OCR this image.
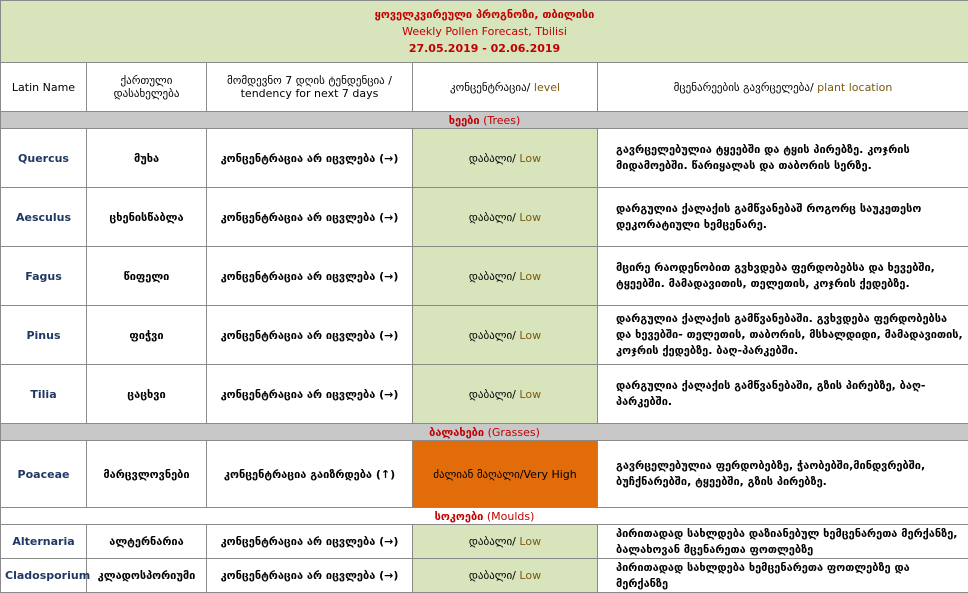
ყოველკვირეული პროგნოზი, თბილისი
Weekly Pollen Forecast, Tbilisi
27.05.2019 - 02.06.2019				

Latin Name	ქართული დასახელება	მომდევნო 7 დღის ტენდენცია /
tendency for next 7 days	კონცენტრაცია/ level	მცენარეების გავრცელება/ plant location
ხეები (Trees)				
Quercus	მუხა	კონცენტრაცია არ იცვლება (→)	დაბალი/ Low	გავრცელებულია ტყეებში და ტყის პირებზე. კოჯრის მიდამოებში. წარიყალას და თაბორის სერზე.
Aesculus	ცხენისწაბლა	კონცენტრაცია არ იცვლება (→)	დაბალი/ Low	დარგულია ქალაქის გამწვანებაშ როგორც საუკეთესო დეკორატიული ხემცენარე.
Fagus	წიფელი	კონცენტრაცია არ იცვლება (→)	დაბალი/ Low	მცირე რაოდენობით გვხვდება ფერდობებსა და ხევებში, ტყეებში. მამადავითის, თელეთის, კოჯრის ქედებზე.
Pinus	ფიჭვი	კონცენტრაცია არ იცვლება (→)	დაბალი/ Low	დარგულია ქალაქის გამწვანებაში. გვხვდება ფერდობებსა და ხევებში- თელეთის, თაბორის, მსხალდიდი, მამადავითის, კოჯრის ქედებზე. ბაღ-პარკებში.
Tilia	ცაცხვი	კონცენტრაცია არ იცვლება (→)	დაბალი/ Low	დარგულია ქალაქის გამწვანებაში, გზის პირებზე, ბაღ-პარკებში.
ბალახები (Grasses)				
Poaceae	მარცვლოვნები	კონცენტრაცია გაიზრდება (↑)	ძალიან მაღალი/Very High	გავრცელებულია ფერდობებზე, ჭაობებში,მინდვრებში, ბუჩქნარებში, ტყეებში, გზის პირებზე.
სოკოები (Moulds)				
Alternaria	ალტერნარია	კონცენტრაცია არ იცვლება (→)	დაბალი/ Low	პირითადად სახლდება დაზიანებულ ხემცენარეთა მერქანზე, ბალახოვან მცენარეთა ფოთლებზე
Cladosporium	კლადოსპორიუმი	კონცენტრაცია არ იცვლება (→)	დაბალი/ Low	პირითადად სახლდება ხემცენარეთა ფოთლებზე და მერქანზე
